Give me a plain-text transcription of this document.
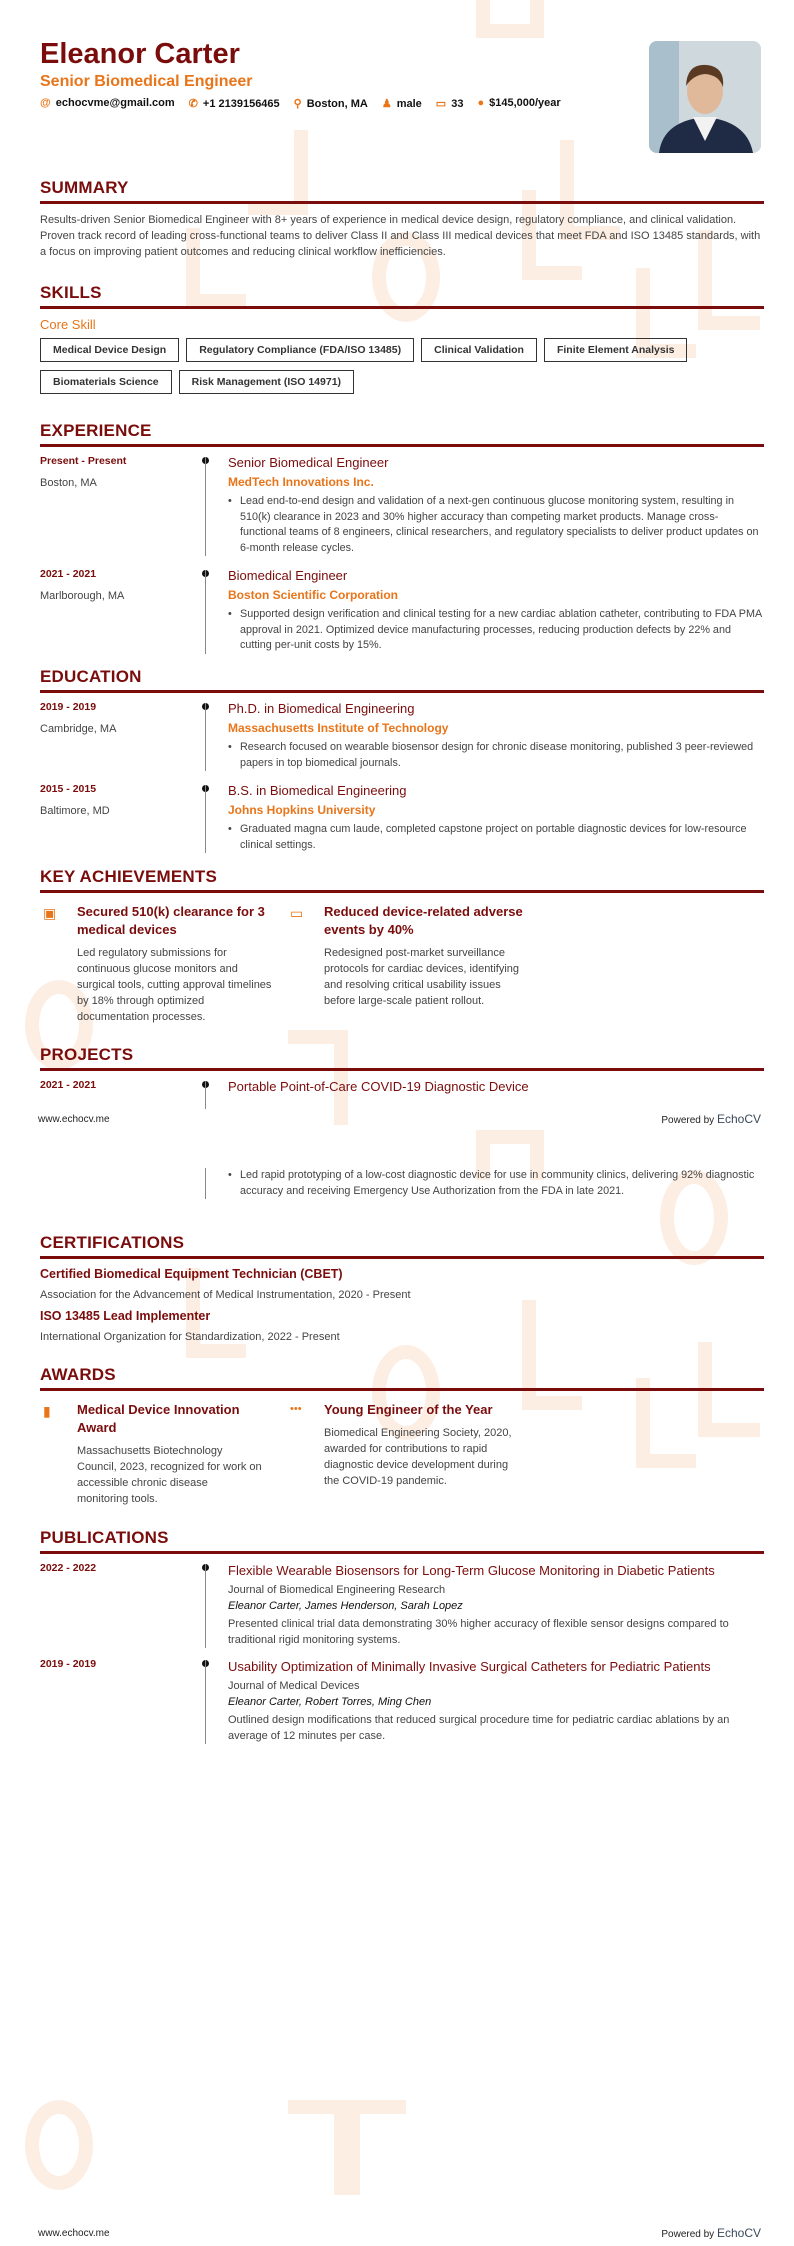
Eleanor Carter
Senior Biomedical Engineer
@ echocvme@gmail.com ✆ +1 2139156465 ⚲ Boston, MA ♟ male ▭ 33 ● $145,000/year
SUMMARY
Results-driven Senior Biomedical Engineer with 8+ years of experience in medical device design, regulatory compliance, and clinical validation. Proven track record of leading cross-functional teams to deliver Class II and Class III medical devices that meet FDA and ISO 13485 standards, with a focus on improving patient outcomes and reducing clinical workflow inefficiencies.
SKILLS
Core Skill
Medical Device Design	Regulatory Compliance (FDA/ISO 13485)	Clinical Validation	Finite Element Analysis
Biomaterials Science	Risk Management (ISO 14971)
EXPERIENCE
Present - Present
Boston, MA
Senior Biomedical Engineer
MedTech Innovations Inc.
• Lead end-to-end design and validation of a next-gen continuous glucose monitoring system, resulting in 510(k) clearance in 2023 and 30% higher accuracy than competing market products. Manage cross-functional teams of 8 engineers, clinical researchers, and regulatory specialists to deliver product updates on 6-month release cycles.
2021 - 2021
Marlborough, MA
Biomedical Engineer
Boston Scientific Corporation
• Supported design verification and clinical testing for a new cardiac ablation catheter, contributing to FDA PMA approval in 2021. Optimized device manufacturing processes, reducing production defects by 22% and cutting per-unit costs by 15%.
EDUCATION
2019 - 2019
Cambridge, MA
Ph.D. in Biomedical Engineering
Massachusetts Institute of Technology
• Research focused on wearable biosensor design for chronic disease monitoring, published 3 peer-reviewed papers in top biomedical journals.
2015 - 2015
Baltimore, MD
B.S. in Biomedical Engineering
Johns Hopkins University
• Graduated magna cum laude, completed capstone project on portable diagnostic devices for low-resource clinical settings.
KEY ACHIEVEMENTS
▣ Secured 510(k) clearance for 3 medical devices
Led regulatory submissions for continuous glucose monitors and surgical tools, cutting approval timelines by 18% through optimized documentation processes.
▭ Reduced device-related adverse events by 40%
Redesigned post-market surveillance protocols for cardiac devices, identifying and resolving critical usability issues before large-scale patient rollout.
PROJECTS
2021 - 2021	Portable Point-of-Care COVID-19 Diagnostic Device
www.echocv.me	Powered by EchoCV
• Led rapid prototyping of a low-cost diagnostic device for use in community clinics, delivering 92% diagnostic accuracy and receiving Emergency Use Authorization from the FDA in late 2021.
CERTIFICATIONS
Certified Biomedical Equipment Technician (CBET)
Association for the Advancement of Medical Instrumentation, 2020 - Present
ISO 13485 Lead Implementer
International Organization for Standardization, 2022 - Present
AWARDS
▮ Medical Device Innovation Award
Massachusetts Biotechnology Council, 2023, recognized for work on accessible chronic disease monitoring tools.
••• Young Engineer of the Year
Biomedical Engineering Society, 2020, awarded for contributions to rapid diagnostic device development during the COVID-19 pandemic.
PUBLICATIONS
2022 - 2022	Flexible Wearable Biosensors for Long-Term Glucose Monitoring in Diabetic Patients
Journal of Biomedical Engineering Research
Eleanor Carter, James Henderson, Sarah Lopez
Presented clinical trial data demonstrating 30% higher accuracy of flexible sensor designs compared to traditional rigid monitoring systems.
2019 - 2019	Usability Optimization of Minimally Invasive Surgical Catheters for Pediatric Patients
Journal of Medical Devices
Eleanor Carter, Robert Torres, Ming Chen
Outlined design modifications that reduced surgical procedure time for pediatric cardiac ablations by an average of 12 minutes per case.
www.echocv.me	Powered by EchoCV
